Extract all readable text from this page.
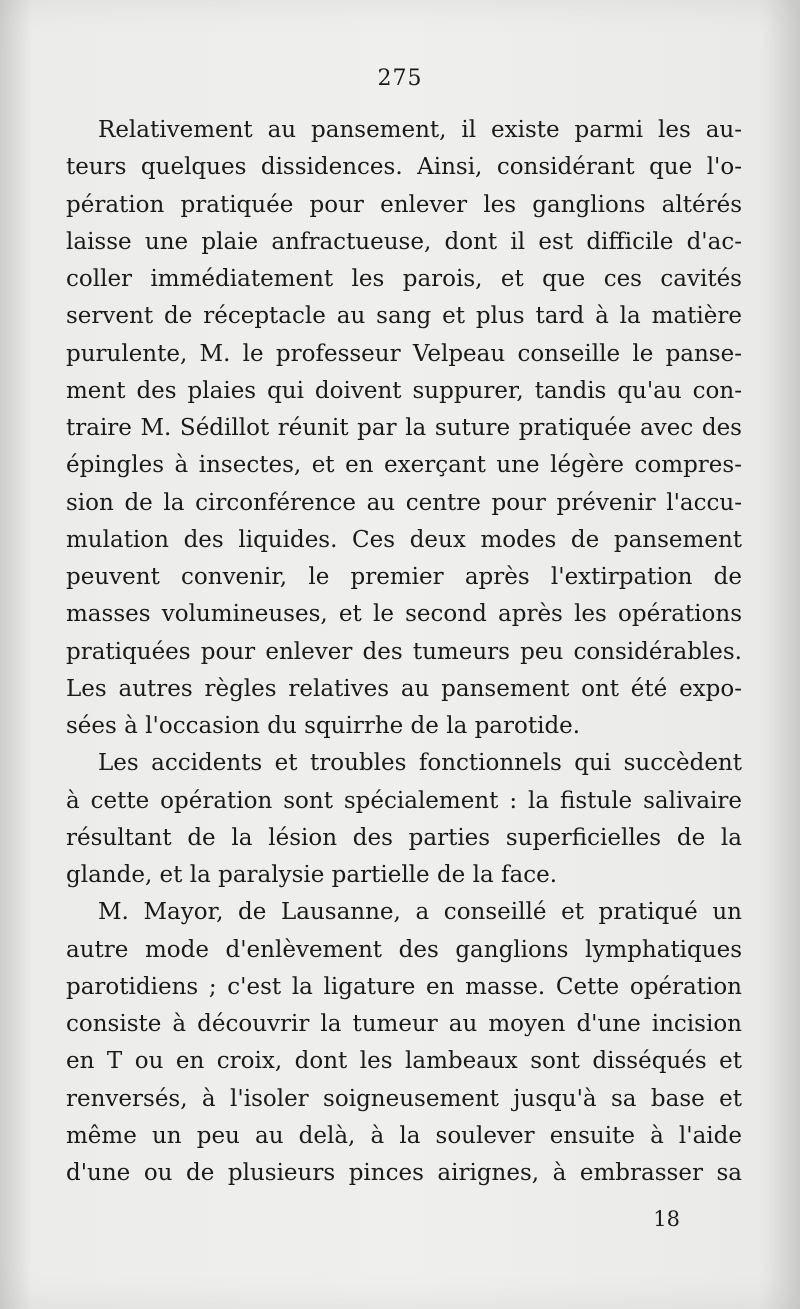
275
Relativement au pansement, il existe parmi les au-
teurs quelques dissidences. Ainsi, considérant que l'o-
pération pratiquée pour enlever les ganglions altérés
laisse une plaie anfractueuse, dont il est difficile d'ac-
coller immédiatement les parois, et que ces cavités
servent de réceptacle au sang et plus tard à la matière
purulente, M. le professeur Velpeau conseille le panse-
ment des plaies qui doivent suppurer, tandis qu'au con-
traire M. Sédillot réunit par la suture pratiquée avec des
épingles à insectes, et en exerçant une légère compres-
sion de la circonférence au centre pour prévenir l'accu-
mulation des liquides. Ces deux modes de pansement
peuvent convenir, le premier après l'extirpation de
masses volumineuses, et le second après les opérations
pratiquées pour enlever des tumeurs peu considérables.
Les autres règles relatives au pansement ont été expo-
sées à l'occasion du squirrhe de la parotide.
Les accidents et troubles fonctionnels qui succèdent
à cette opération sont spécialement : la fistule salivaire
résultant de la lésion des parties superficielles de la
glande, et la paralysie partielle de la face.
M. Mayor, de Lausanne, a conseillé et pratiqué un
autre mode d'enlèvement des ganglions lymphatiques
parotidiens ; c'est la ligature en masse. Cette opération
consiste à découvrir la tumeur au moyen d'une incision
en T ou en croix, dont les lambeaux sont disséqués et
renversés, à l'isoler soigneusement jusqu'à sa base et
même un peu au delà, à la soulever ensuite à l'aide
d'une ou de plusieurs pinces airignes, à embrasser sa
18
